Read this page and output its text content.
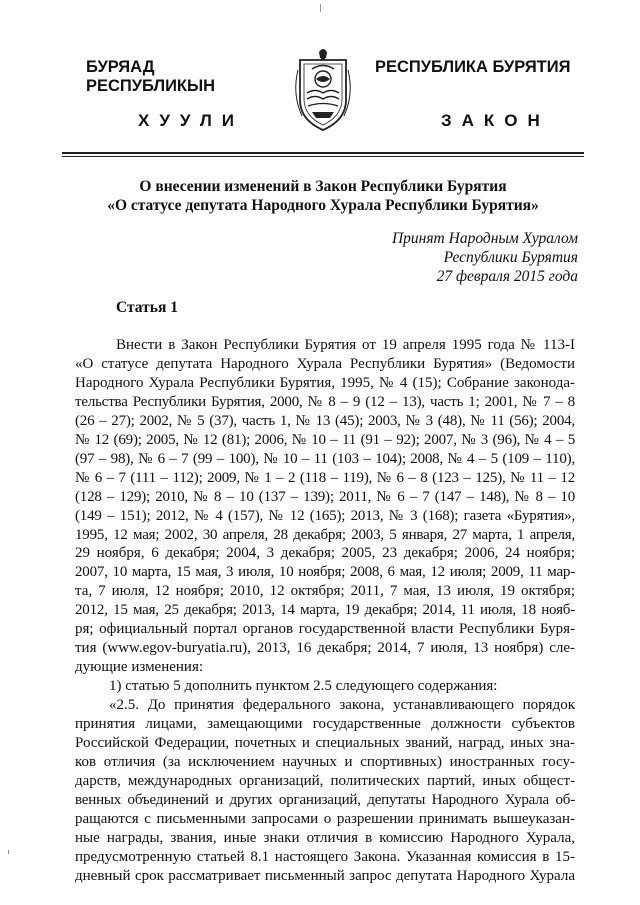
БУРЯАД РЕСПУБЛИКЫН
ХУУЛИ
РЕСПУБЛИКА БУРЯТИЯ
ЗАКОН
О внесении изменений в Закон Республики Бурятия
«О статусе депутата Народного Хурала Республики Бурятия»
Принят Народным Хуралом
Республики Бурятия
27 февраля 2015 года
Статья 1
Внести в Закон Республики Бурятия от 19 апреля 1995 года № 113-I
«О статусе депутата Народного Хурала Республики Бурятия» (Ведомости
Народного Хурала Республики Бурятия, 1995, № 4 (15); Собрание законода-
тельства Республики Бурятия, 2000, № 8 – 9 (12 – 13), часть 1; 2001, № 7 – 8
(26 – 27); 2002, № 5 (37), часть 1, № 13 (45); 2003, № 3 (48), № 11 (56); 2004,
№ 12 (69); 2005, № 12 (81); 2006, № 10 – 11 (91 – 92); 2007, № 3 (96), № 4 – 5
(97 – 98), № 6 – 7 (99 – 100), № 10 – 11 (103 – 104); 2008, № 4 – 5 (109 – 110),
№ 6 – 7 (111 – 112); 2009, № 1 – 2 (118 – 119), № 6 – 8 (123 – 125), № 11 – 12
(128 – 129); 2010, № 8 – 10 (137 – 139); 2011, № 6 – 7 (147 – 148), № 8 – 10
(149 – 151); 2012, № 4 (157), № 12 (165); 2013, № 3 (168); газета «Бурятия»,
1995, 12 мая; 2002, 30 апреля, 28 декабря; 2003, 5 января, 27 марта, 1 апреля,
29 ноября, 6 декабря; 2004, 3 декабря; 2005, 23 декабря; 2006, 24 ноября;
2007, 10 марта, 15 мая, 3 июля, 10 ноября; 2008, 6 мая, 12 июля; 2009, 11 мар-
та, 7 июля, 12 ноября; 2010, 12 октября; 2011, 7 мая, 13 июля, 19 октября;
2012, 15 мая, 25 декабря; 2013, 14 марта, 19 декабря; 2014, 11 июля, 18 нояб-
ря; официальный портал органов государственной власти Республики Буря-
тия (www.egov-buryatia.ru), 2013, 16 декабря; 2014, 7 июля, 13 ноября) сле-
дующие изменения:
1) статью 5 дополнить пунктом 2.5 следующего содержания:
«2.5. До принятия федерального закона, устанавливающего порядок
принятия лицами, замещающими государственные должности субъектов
Российской Федерации, почетных и специальных званий, наград, иных зна-
ков отличия (за исключением научных и спортивных) иностранных госу-
дарств, международных организаций, политических партий, иных общест-
венных объединений и других организаций, депутаты Народного Хурала об-
ращаются с письменными запросами о разрешении принимать вышеуказан-
ные награды, звания, иные знаки отличия в комиссию Народного Хурала,
предусмотренную статьей 8.1 настоящего Закона. Указанная комиссия в 15-
дневный срок рассматривает письменный запрос депутата Народного Хурала
